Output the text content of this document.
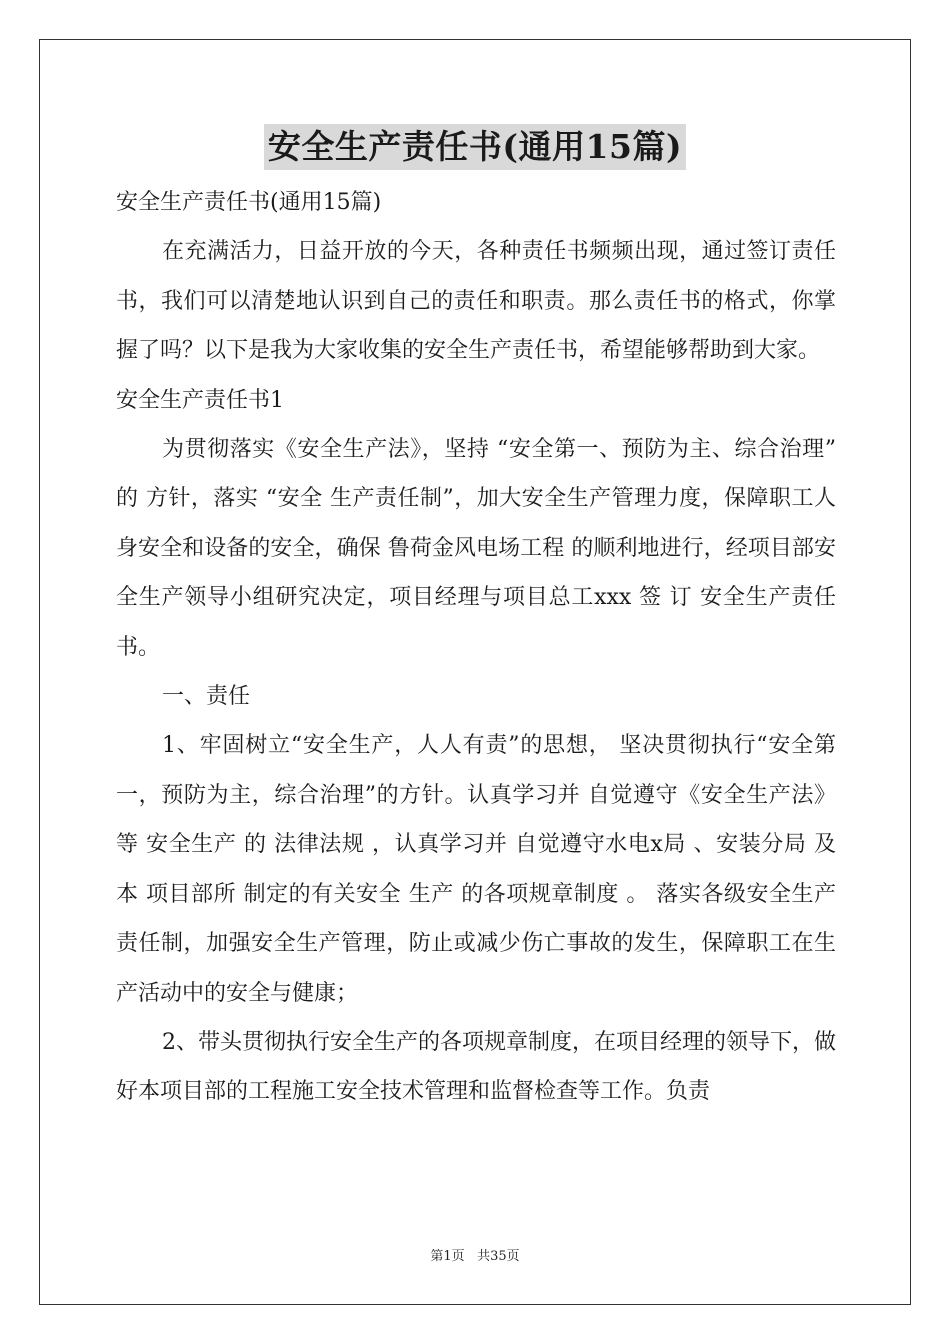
安全生产责任书(通用15篇)

安全生产责任书(通用15篇)

在充满活力，日益开放的今天，各种责任书频频出现，通过签订责任书，我们可以清楚地认识到自己的责任和职责。那么责任书的格式，你掌握了吗？以下是我为大家收集的安全生产责任书，希望能够帮助到大家。

安全生产责任书1

为贯彻落实《安全生产法》，坚持 “安全第一、预防为主、综合治理” 的 方针，落实 “安全 生产责任制”，加大安全生产管理力度，保障职工人身安全和设备的安全，确保 鲁荷金风电场工程 的顺利地进行，经项目部安全生产领导小组研究决定，项目经理与项目总工xxx 签 订 安全生产责任书。

一、责任

1、牢固树立“安全生产，人人有责”的思想， 坚决贯彻执行“安全第一，预防为主，综合治理”的方针。认真学习并 自觉遵守《安全生产法》等 安全生产 的 法律法规 ，认真学习并 自觉遵守水电x局 、安装分局 及本 项目部所 制定的有关安全 生产 的各项规章制度 。 落实各级安全生产责任制，加强安全生产管理，防止或减少伤亡事故的发生，保障职工在生产活动中的安全与健康；

2、带头贯彻执行安全生产的各项规章制度，在项目经理的领导下，做好本项目部的工程施工安全技术管理和监督检查等工作。负责

第1页 共35页
